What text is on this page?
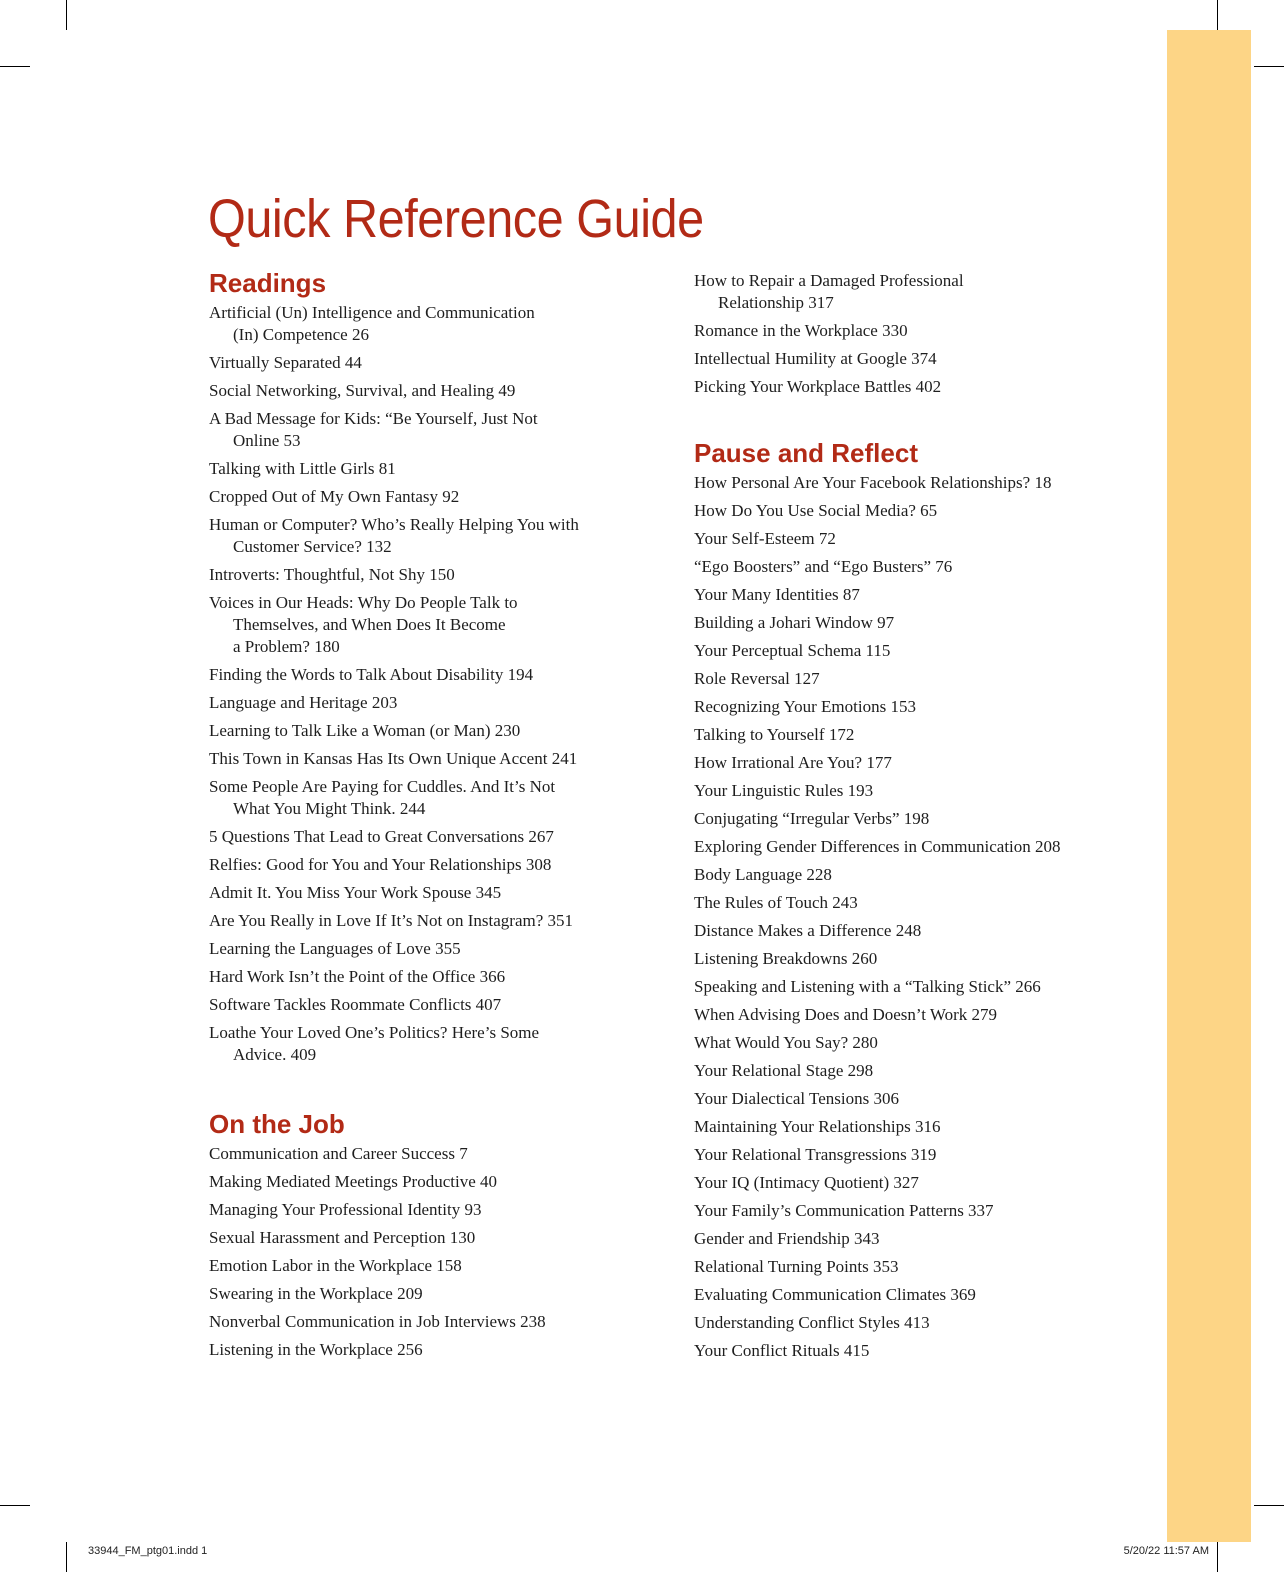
Quick Reference Guide
Readings
Artificial (Un) Intelligence and Communication
(In) Competence 26
Virtually Separated 44
Social Networking, Survival, and Healing 49
A Bad Message for Kids: “Be Yourself, Just Not
Online 53
Talking with Little Girls 81
Cropped Out of My Own Fantasy 92
Human or Computer? Who’s Really Helping You with
Customer Service? 132
Introverts: Thoughtful, Not Shy 150
Voices in Our Heads: Why Do People Talk to
Themselves, and When Does It Become
a Problem? 180
Finding the Words to Talk About Disability 194
Language and Heritage 203
Learning to Talk Like a Woman (or Man) 230
This Town in Kansas Has Its Own Unique Accent 241
Some People Are Paying for Cuddles. And It’s Not
What You Might Think. 244
5 Questions That Lead to Great Conversations 267
Relfies: Good for You and Your Relationships 308
Admit It. You Miss Your Work Spouse 345
Are You Really in Love If It’s Not on Instagram? 351
Learning the Languages of Love 355
Hard Work Isn’t the Point of the Office 366
Software Tackles Roommate Conflicts 407
Loathe Your Loved One’s Politics? Here’s Some
Advice. 409
On the Job
Communication and Career Success 7
Making Mediated Meetings Productive 40
Managing Your Professional Identity 93
Sexual Harassment and Perception 130
Emotion Labor in the Workplace 158
Swearing in the Workplace 209
Nonverbal Communication in Job Interviews 238
Listening in the Workplace 256
How to Repair a Damaged Professional
Relationship 317
Romance in the Workplace 330
Intellectual Humility at Google 374
Picking Your Workplace Battles 402
Pause and Reflect
How Personal Are Your Facebook Relationships? 18
How Do You Use Social Media? 65
Your Self-Esteem 72
“Ego Boosters” and “Ego Busters” 76
Your Many Identities 87
Building a Johari Window 97
Your Perceptual Schema 115
Role Reversal 127
Recognizing Your Emotions 153
Talking to Yourself 172
How Irrational Are You? 177
Your Linguistic Rules 193
Conjugating “Irregular Verbs” 198
Exploring Gender Differences in Communication 208
Body Language 228
The Rules of Touch 243
Distance Makes a Difference 248
Listening Breakdowns 260
Speaking and Listening with a “Talking Stick” 266
When Advising Does and Doesn’t Work 279
What Would You Say? 280
Your Relational Stage 298
Your Dialectical Tensions 306
Maintaining Your Relationships 316
Your Relational Transgressions 319
Your IQ (Intimacy Quotient) 327
Your Family’s Communication Patterns 337
Gender and Friendship 343
Relational Turning Points 353
Evaluating Communication Climates 369
Understanding Conflict Styles 413
Your Conflict Rituals 415
33944_FM_ptg01.indd 1	5/20/22 11:57 AM
